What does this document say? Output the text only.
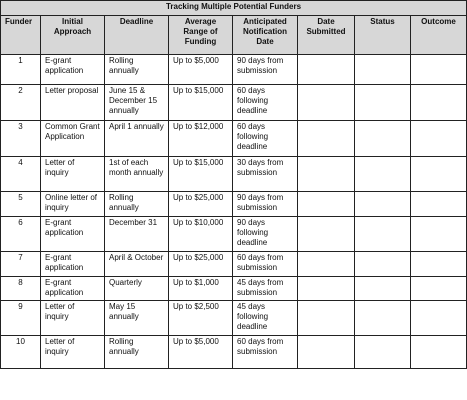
Tracking Multiple Potential Funders							
Funder	Initial Approach	Deadline	Average Range of Funding	Anticipated Notification Date	Date Submitted	Status	Outcome
1	E-grant application	Rolling annually	Up to $5,000	90 days from submission			
2	Letter proposal	June 15 & December 15 annually	Up to $15,000	60 days following deadline			
3	Common Grant Application	April 1 annually	Up to $12,000	60 days following deadline			
4	Letter of inquiry	1st of each month annually	Up to $15,000	30 days from submission			
5	Online letter of inquiry	Rolling annually	Up to $25,000	90 days from submission			
6	E-grant application	December 31	Up to $10,000	90 days following deadline			
7	E-grant application	April & October	Up to $25,000	60 days from submission			
8	E-grant application	Quarterly	Up to $1,000	45 days from submission			
9	Letter of inquiry	May 15 annually	Up to $2,500	45 days following deadline			
10	Letter of inquiry	Rolling annually	Up to $5,000	60 days from submission			
